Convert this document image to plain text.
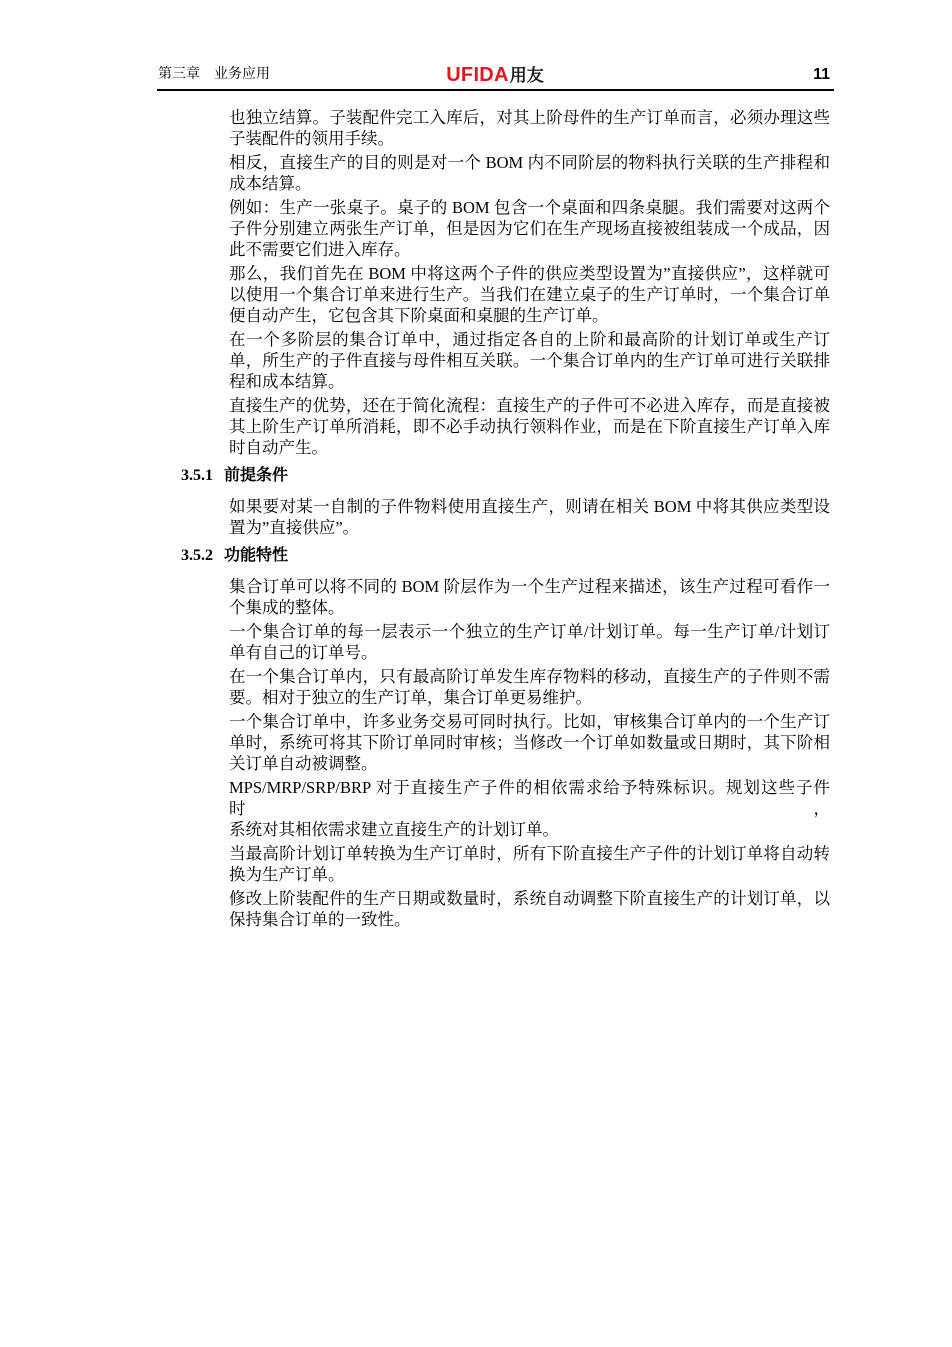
第三章　业务应用	UFIDA用友	11
也独立结算。子装配件完工入库后，对其上阶母件的生产订单而言，必须办理这些
子装配件的领用手续。
相反，直接生产的目的则是对一个 BOM 内不同阶层的物料执行关联的生产排程和
成本结算。
例如：生产一张桌子。桌子的 BOM 包含一个桌面和四条桌腿。我们需要对这两个
子件分别建立两张生产订单，但是因为它们在生产现场直接被组装成一个成品，因
此不需要它们进入库存。
那么，我们首先在 BOM 中将这两个子件的供应类型设置为”直接供应”，这样就可
以使用一个集合订单来进行生产。当我们在建立桌子的生产订单时，一个集合订单
便自动产生，它包含其下阶桌面和桌腿的生产订单。
在一个多阶层的集合订单中，通过指定各自的上阶和最高阶的计划订单或生产订
单，所生产的子件直接与母件相互关联。一个集合订单内的生产订单可进行关联排
程和成本结算。
直接生产的优势，还在于简化流程：直接生产的子件可不必进入库存，而是直接被
其上阶生产订单所消耗，即不必手动执行领料作业，而是在下阶直接生产订单入库
时自动产生。
3.5.1 前提条件
如果要对某一自制的子件物料使用直接生产，则请在相关 BOM 中将其供应类型设
置为”直接供应”。
3.5.2 功能特性
集合订单可以将不同的 BOM 阶层作为一个生产过程来描述，该生产过程可看作一
个集成的整体。
一个集合订单的每一层表示一个独立的生产订单/计划订单。每一生产订单/计划订
单有自己的订单号。
在一个集合订单内，只有最高阶订单发生库存物料的移动，直接生产的子件则不需
要。相对于独立的生产订单，集合订单更易维护。
一个集合订单中，许多业务交易可同时执行。比如，审核集合订单内的一个生产订
单时，系统可将其下阶订单同时审核；当修改一个订单如数量或日期时，其下阶相
关订单自动被调整。
MPS/MRP/SRP/BRP 对于直接生产子件的相依需求给予特殊标识。规划这些子件时，
系统对其相依需求建立直接生产的计划订单。
当最高阶计划订单转换为生产订单时，所有下阶直接生产子件的计划订单将自动转
换为生产订单。
修改上阶装配件的生产日期或数量时，系统自动调整下阶直接生产的计划订单，以
保持集合订单的一致性。
